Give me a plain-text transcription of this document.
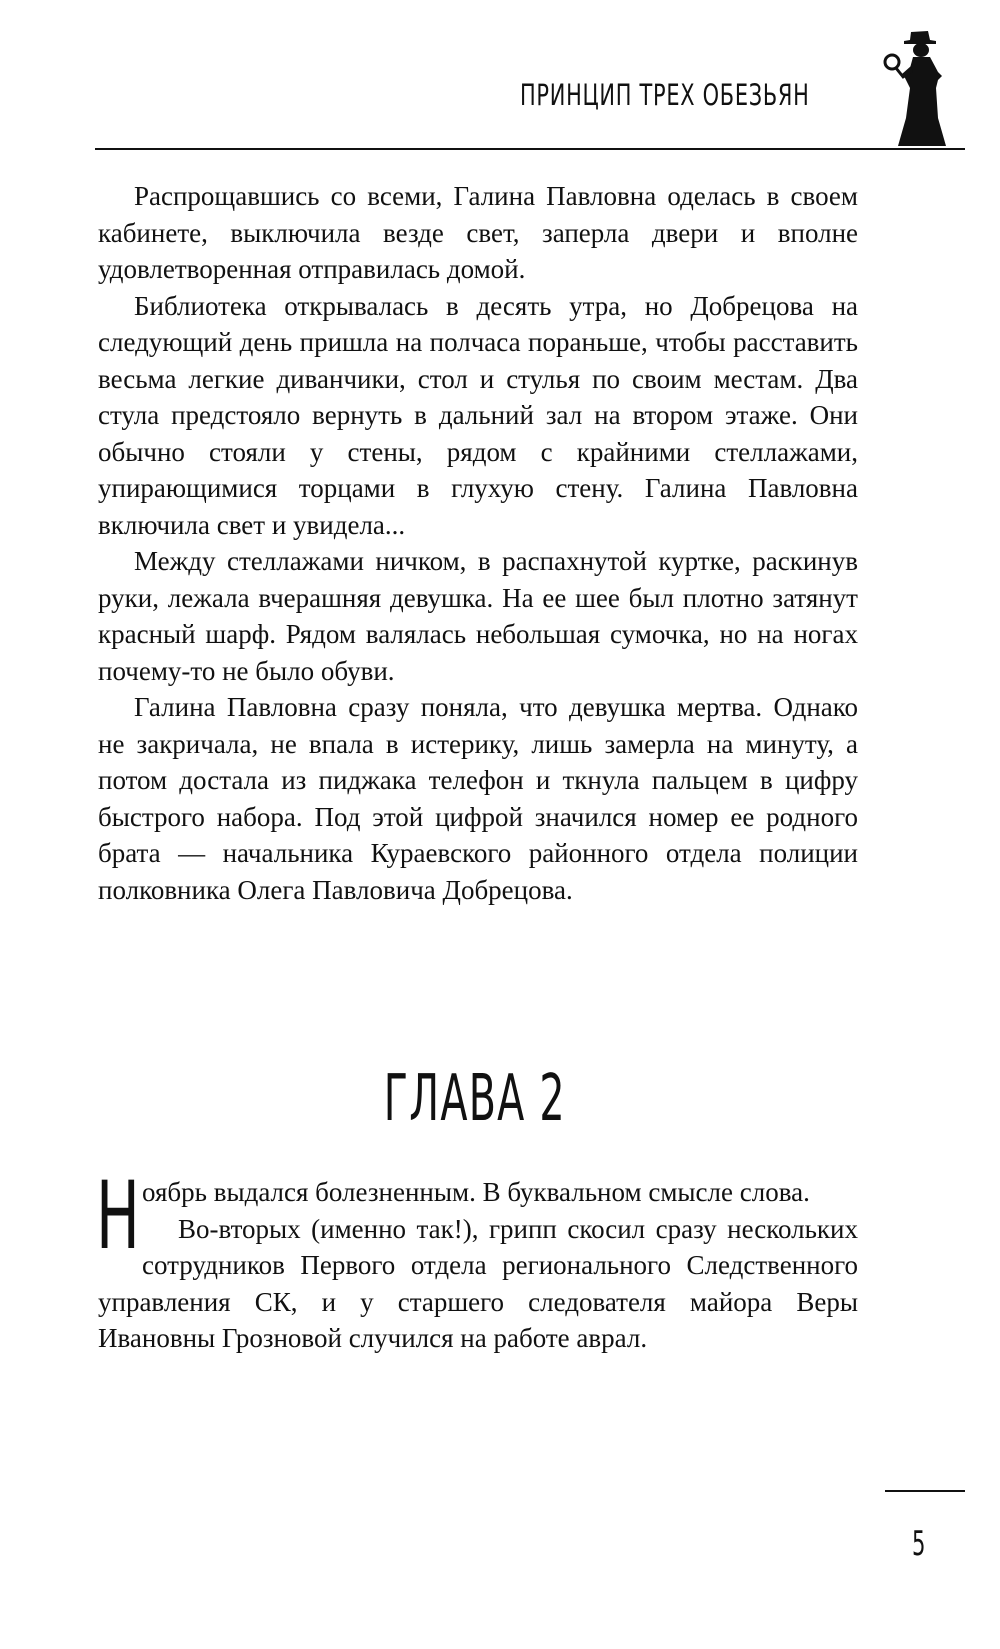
ПРИНЦИП ТРЕХ ОБЕЗЬЯН

Распрощавшись со всеми, Галина Павловна оделась в своем кабинете, выключила везде свет, заперла двери и вполне удовлетворенная отправилась домой.

Библиотека открывалась в десять утра, но Добрецова на следующий день пришла на полчаса пораньше, чтобы расставить весьма легкие диванчики, стол и стулья по своим местам. Два стула предстояло вернуть в дальний зал на втором этаже. Они обычно стояли у стены, рядом с крайними стеллажами, упирающимися торцами в глухую стену. Галина Павловна включила свет и увидела...

Между стеллажами ничком, в распахнутой куртке, раскинув руки, лежала вчерашняя девушка. На ее шее был плотно затянут красный шарф. Рядом валялась небольшая сумочка, но на ногах почему-то не было обуви.

Галина Павловна сразу поняла, что девушка мертва. Однако не закричала, не впала в истерику, лишь замерла на минуту, а потом достала из пиджака телефон и ткнула пальцем в цифру быстрого набора. Под этой цифрой значился номер ее родного брата — начальника Кураевского районного отдела полиции полковника Олега Павловича Добрецова.

ГЛАВА 2

Ноябрь выдался болезненным. В буквальном смысле слова.

Во-вторых (именно так!), грипп скосил сразу нескольких сотрудников Первого отдела регионального Следственного управления СК, и у старшего следователя майора Веры Ивановны Грозновой случился на работе аврал.

5
